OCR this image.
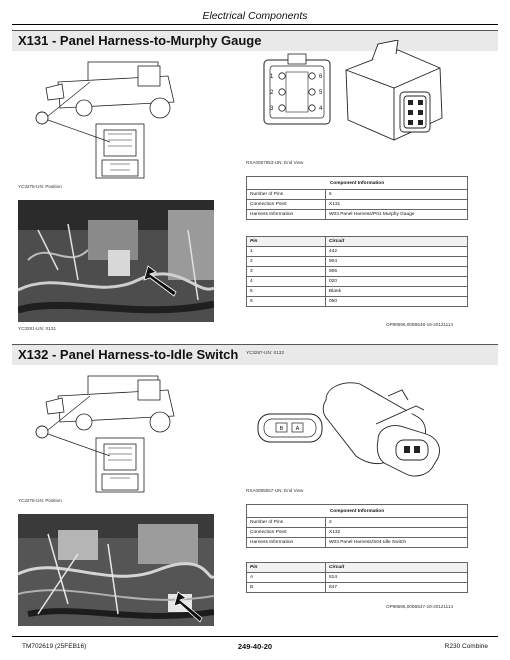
Electrical Components
X131 - Panel Harness-to-Murphy Gauge
YC3278-UN: Position
YC3281-UN: X131
1
2
3
6
5
4
RXA0087953-UN: End View
Component Information	
Number of Pins	6
Connection Point	X131
Harness Information	W03 Panel Harness/P01 Murphy Gauge
Pin	Circuit
1	442
2	904
3	905
4	020
5	Blank
6	050
OP98596,000B548-19-20121114
X132 - Panel Harness-to-Idle Switch YC3287-UN: X132
YC3278-UN: Position
B A
RXA0085557-UN: End View
Component Information	
Number of Pins	2
Connection Point	X132
Harness Information	W03 Panel Harness/S04 Idle Switch
Pin	Circuit
A	814
B	847
OP98596,000B547-19-20121114
TM702619 (25FEB16)	249-40-20	R230 Combine
